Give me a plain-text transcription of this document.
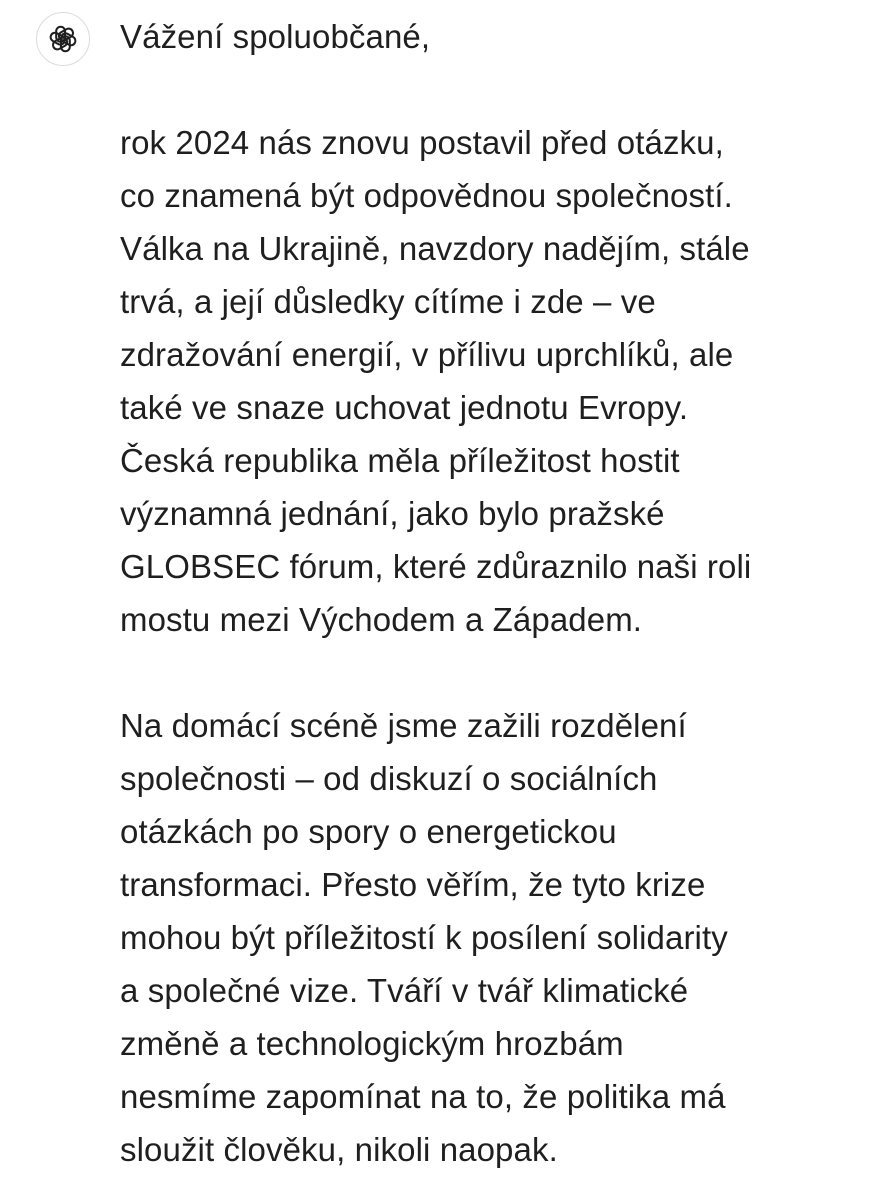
Vážení spoluobčané,

rok 2024 nás znovu postavil před otázku,
co znamená být odpovědnou společností.
Válka na Ukrajině, navzdory nadějím, stále
trvá, a její důsledky cítíme i zde – ve
zdražování energií, v přílivu uprchlíků, ale
také ve snaze uchovat jednotu Evropy.
Česká republika měla příležitost hostit
významná jednání, jako bylo pražské
GLOBSEC fórum, které zdůraznilo naši roli
mostu mezi Východem a Západem.

Na domácí scéně jsme zažili rozdělení
společnosti – od diskuzí o sociálních
otázkách po spory o energetickou
transformaci. Přesto věřím, že tyto krize
mohou být příležitostí k posílení solidarity
a společné vize. Tváří v tvář klimatické
změně a technologickým hrozbám
nesmíme zapomínat na to, že politika má
sloužit člověku, nikoli naopak.
